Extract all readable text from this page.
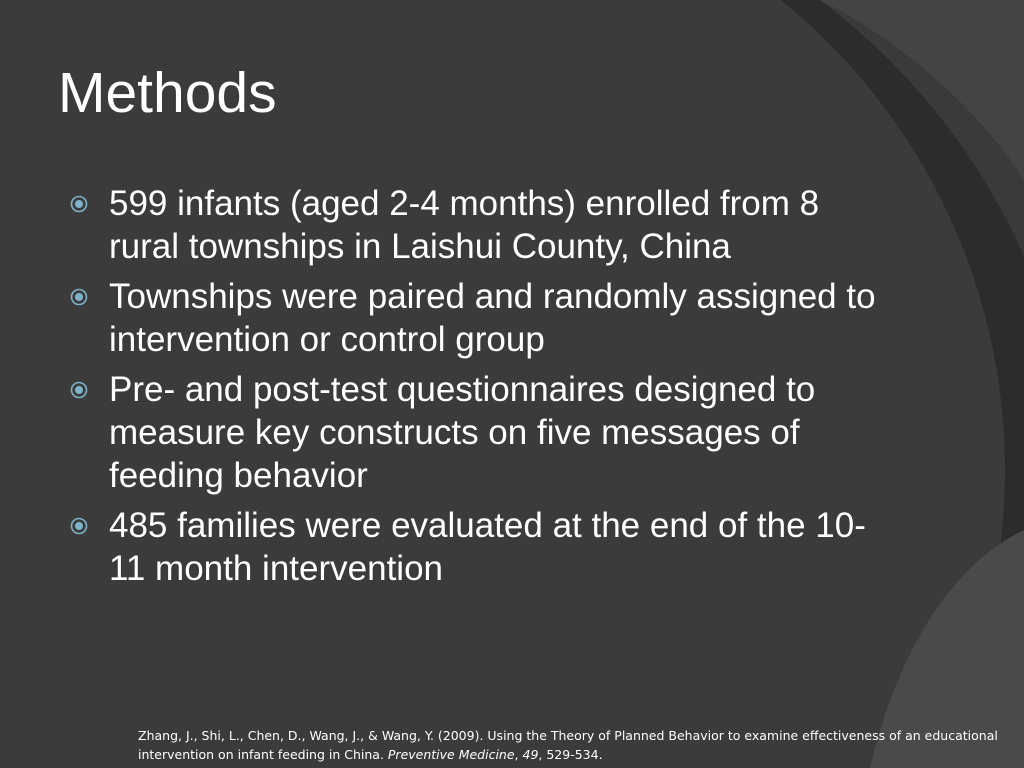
Methods
599 infants (aged 2-4 months) enrolled from 8 rural townships in Laishui County, China
Townships were paired and randomly assigned to intervention or control group
Pre- and post-test questionnaires designed to measure key constructs on five messages of feeding behavior
485 families were evaluated at the end of the 10-11 month intervention
Zhang, J., Shi, L., Chen, D., Wang, J., & Wang, Y. (2009). Using the Theory of Planned Behavior to examine effectiveness of an educational intervention on infant feeding in China. Preventive Medicine, 49, 529-534.
